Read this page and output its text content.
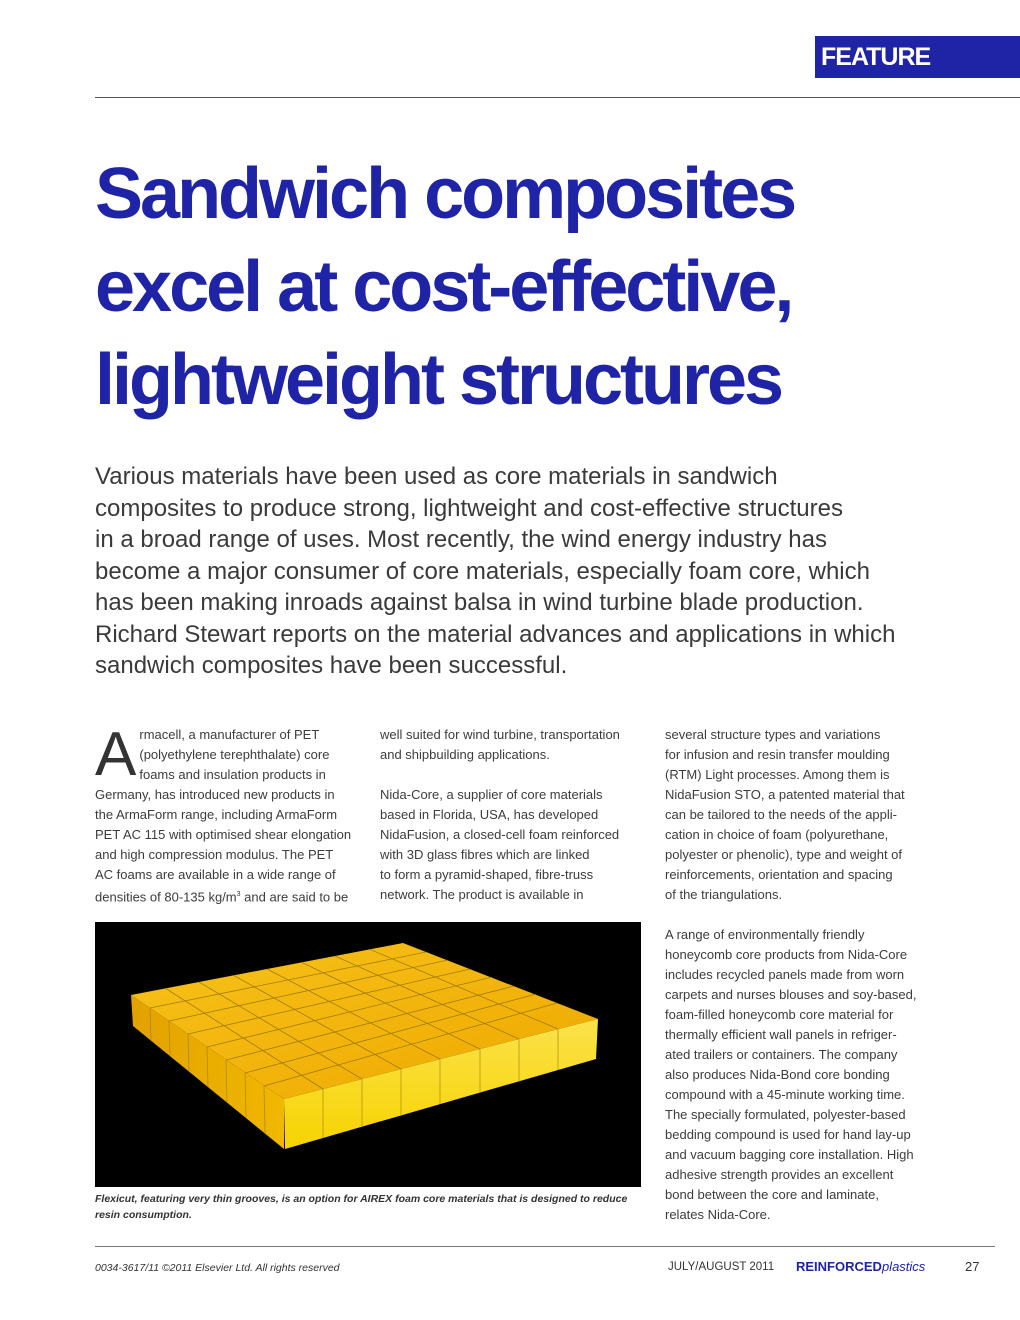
FEATURE
Sandwich composites
excel at cost-effective,
lightweight structures

Various materials have been used as core materials in sandwich
composites to produce strong, lightweight and cost-effective structures
in a broad range of uses. Most recently, the wind energy industry has
become a major consumer of core materials, especially foam core, which
has been making inroads against balsa in wind turbine blade production.
Richard Stewart reports on the material advances and applications in which
sandwich composites have been successful.

A rmacell, a manufacturer of PET
(polyethylene terephthalate) core
foams and insulation products in
Germany, has introduced new products in
the ArmaForm range, including ArmaForm
PET AC 115 with optimised shear elongation
and high compression modulus. The PET
AC foams are available in a wide range of
densities of 80-135 $kg/m^3$ and are said to be

well suited for wind turbine, transportation
and shipbuilding applications.

Nida-Core, a supplier of core materials
based in Florida, USA, has developed
NidaFusion, a closed-cell foam reinforced
with 3D glass fibres which are linked
to form a pyramid-shaped, fibre-truss
network. The product is available in

several structure types and variations
for infusion and resin transfer moulding
(RTM) Light processes. Among them is
NidaFusion STO, a patented material that
can be tailored to the needs of the appli-
cation in choice of foam (polyurethane,
polyester or phenolic), type and weight of
reinforcements, orientation and spacing
of the triangulations.

A range of environmentally friendly
honeycomb core products from Nida-Core
includes recycled panels made from worn
carpets and nurses blouses and soy-based,
foam-filled honeycomb core material for
thermally efficient wall panels in refriger-
ated trailers or containers. The company
also produces Nida-Bond core bonding
compound with a 45-minute working time.
The specially formulated, polyester-based
bedding compound is used for hand lay-up
and vacuum bagging core installation. High
adhesive strength provides an excellent
bond between the core and laminate,
relates Nida-Core.

Flexicut, featuring very thin grooves, is an option for AIREX foam core materials that is designed to reduce
resin consumption.

0034-3617/11 ©2011 Elsevier Ltd. All rights reserved	JULY/AUGUST 2011 REINFORCEDplastics	27
